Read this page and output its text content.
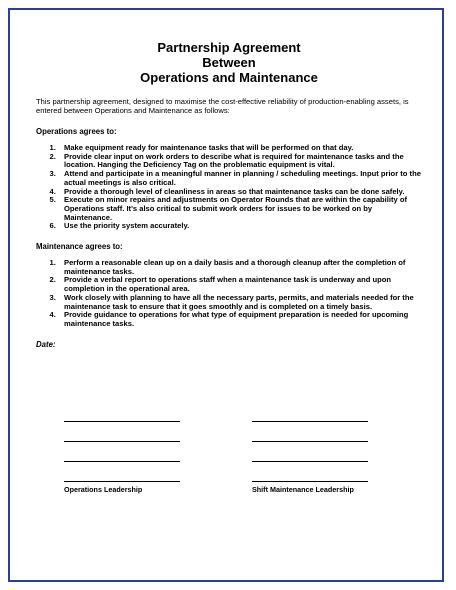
Partnership Agreement
Between
Operations and Maintenance

This partnership agreement, designed to maximise the cost-effective reliability of production-enabling assets, is entered between Operations and Maintenance as follows:

Operations agrees to:
1. Make equipment ready for maintenance tasks that will be performed on that day.
2. Provide clear input on work orders to describe what is required for maintenance tasks and the location. Hanging the Deficiency Tag on the problematic equipment is vital.
3. Attend and participate in a meaningful manner in planning / scheduling meetings. Input prior to the actual meetings is also critical.
4. Provide a thorough level of cleanliness in areas so that maintenance tasks can be done safely.
5. Execute on minor repairs and adjustments on Operator Rounds that are within the capability of Operations staff. It's also critical to submit work orders for issues to be worked on by Maintenance.
6. Use the priority system accurately.
Maintenance agrees to:
1. Perform a reasonable clean up on a daily basis and a thorough cleanup after the completion of maintenance tasks.
2. Provide a verbal report to operations staff when a maintenance task is underway and upon completion in the operational area.
3. Work closely with planning to have all the necessary parts, permits, and materials needed for the maintenance task to ensure that it goes smoothly and is completed on a timely basis.
4. Provide guidance to operations for what type of equipment preparation is needed for upcoming maintenance tasks.
Date:
Operations Leadership	Shift Maintenance Leadership
